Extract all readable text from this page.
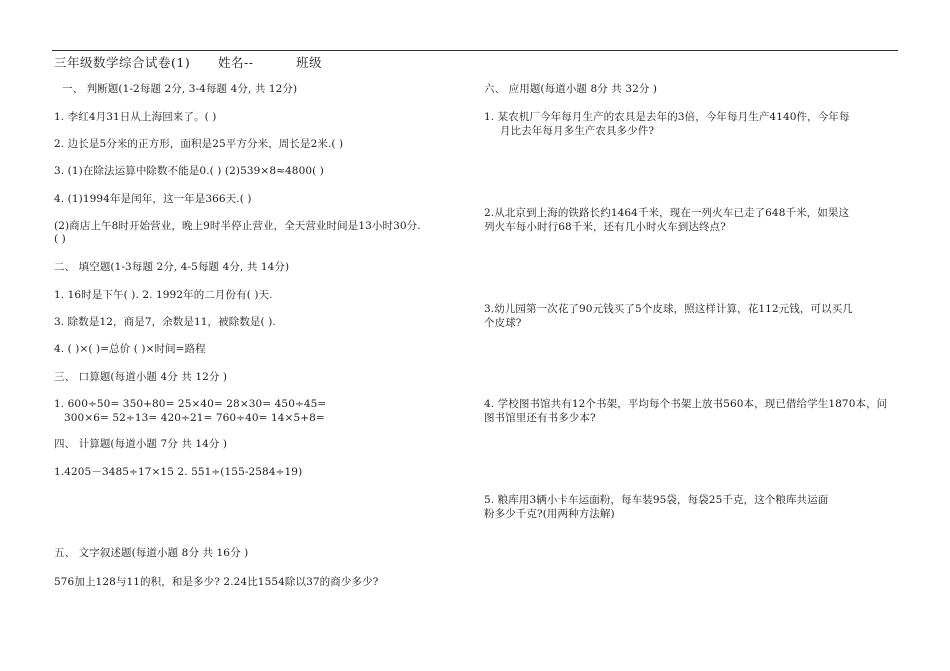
三年级数学综合试卷(1) 姓名--	班级
一、 判断题(1-2每题 2分, 3-4每题 4分, 共 12分)
1. 李红4月31日从上海回来了。( )
2. 边长是5分米的正方形，面积是25平方分米，周长是2米.( )
3. (1)在除法运算中除数不能是0.( ) (2)539×8≈4800( )
4. (1)1994年是闰年，这一年是366天.( )
(2)商店上午8时开始营业，晚上9时半停止营业，全天营业时间是13小时30分.
( )
二、 填空题(1-3每题 2分, 4-5每题 4分, 共 14分)
1. 16时是下午( ). 2. 1992年的二月份有( )天.
3. 除数是12，商是7，余数是11，被除数是( ).
4. ( )×( )=总价 ( )×时间=路程
三、 口算题(每道小题 4分 共 12分 )
1. 600÷50= 350+80= 25×40= 28×30= 450÷45=
300×6= 52÷13= 420÷21= 760÷40= 14×5+8=
四、 计算题(每道小题 7分 共 14分 )
1.4205－3485÷17×15 2. 551÷(155-2584÷19)
五、 文字叙述题(每道小题 8分 共 16分 )
576加上128与11的积，和是多少? 2.24比1554除以37的商少多少?
六、 应用题(每道小题 8分 共 32分 )
1. 某农机厂今年每月生产的农具是去年的3倍，今年每月生产4140件，今年每
月比去年每月多生产农具多少件?
2.从北京到上海的铁路长约1464千米，现在一列火车已走了648千米，如果这
列火车每小时行68千米，还有几小时火车到达终点?
3.幼儿园第一次花了90元钱买了5个皮球，照这样计算，花112元钱，可以买几
个皮球?
4. 学校图书馆共有12个书架，平均每个书架上放书560本，现已借给学生1870本，问
图书馆里还有书多少本?
5. 粮库用3辆小卡车运面粉，每车装95袋，每袋25千克，这个粮库共运面
粉多少千克?(用两种方法解)
